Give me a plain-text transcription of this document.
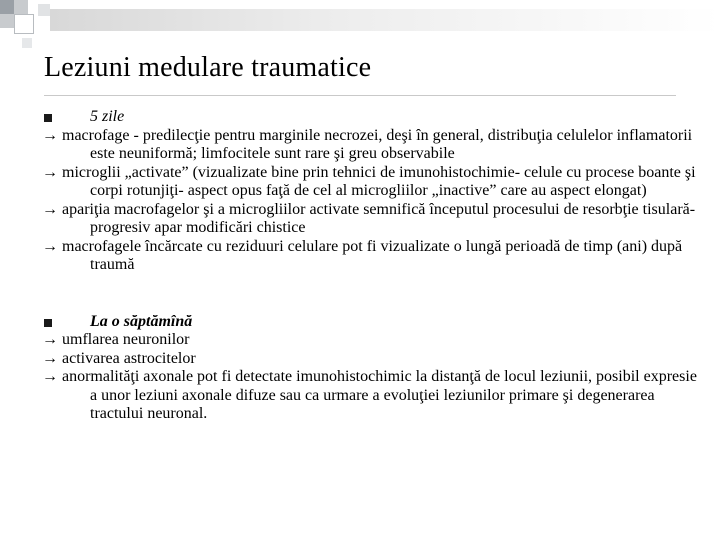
Leziuni medulare traumatice

5 zile

→ macrofage - predilecţie pentru marginile necrozei, deşi în general, distribuţia celulelor inflamatorii este neuniformă; limfocitele sunt rare şi greu observabile

→ microglii „activate” (vizualizate bine prin tehnici de imunohistochimie- celule cu procese boante şi corpi rotunjiţi- aspect opus faţă de cel al microgliilor „inactive” care au aspect elongat)

→ apariţia macrofagelor şi a microgliilor activate semnifică începutul procesului de resorbţie tisulară- progresiv apar modificări chistice

→ macrofagele încărcate cu reziduuri celulare pot fi vizualizate o lungă perioadă de timp (ani) după traumă

La o săptămînă

→ umflarea neuronilor

→ activarea astrocitelor

→ anormalităţi axonale pot fi detectate imunohistochimic la distanţă de locul leziunii, posibil expresie a unor leziuni axonale difuze sau ca urmare a evoluţiei leziunilor primare şi degenerarea tractului neuronal.
